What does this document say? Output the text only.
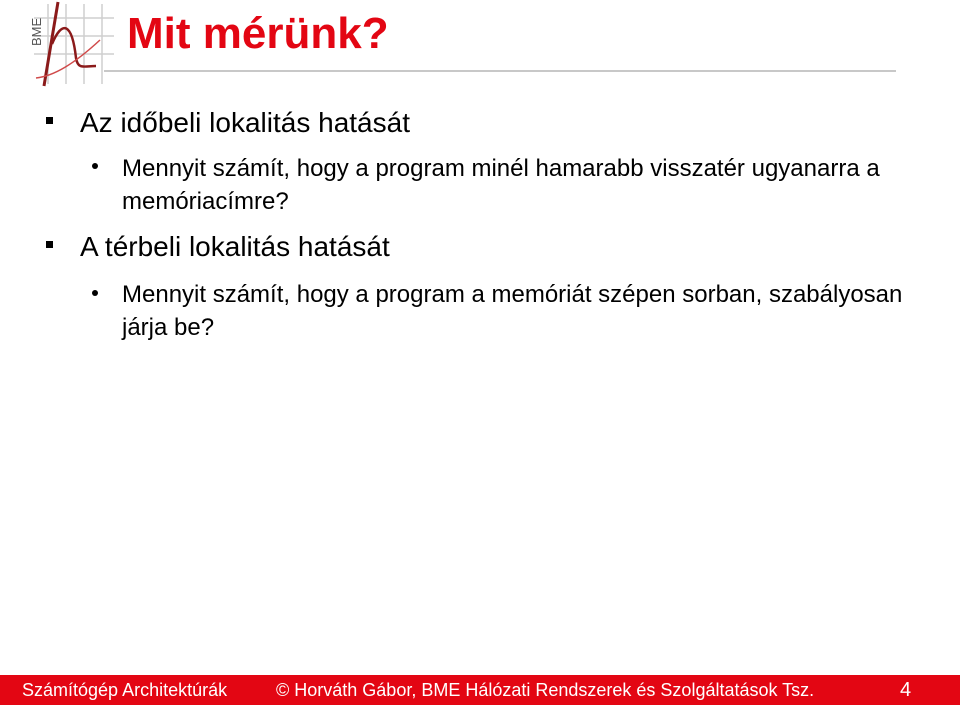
BME Mit mérünk?
Az időbeli lokalitás hatását
Mennyit számít, hogy a program minél hamarabb visszatér ugyanarra a memóriacímre?
A térbeli lokalitás hatását
Mennyit számít, hogy a program a memóriát szépen sorban, szabályosan járja be?
Számítógép Architektúrák	© Horváth Gábor, BME Hálózati Rendszerek és Szolgáltatások Tsz.	4
